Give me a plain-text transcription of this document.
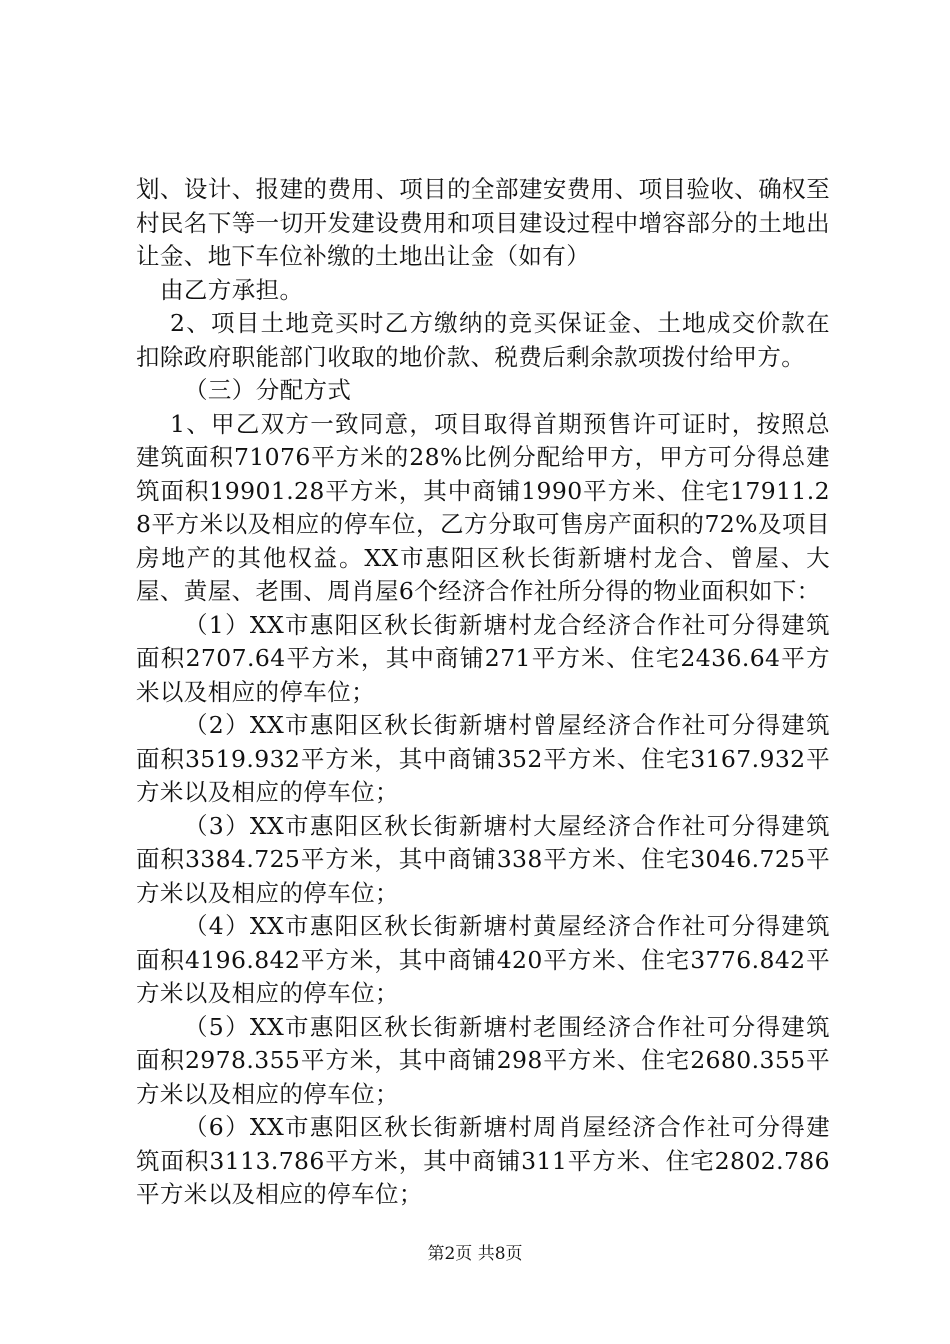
划、设计、报建的费用、项目的全部建安费用、项目验收、确权至村民名下等一切开发建设费用和项目建设过程中增容部分的土地出让金、地下车位补缴的土地出让金（如有）

由乙方承担。

2、项目土地竞买时乙方缴纳的竞买保证金、土地成交价款在扣除政府职能部门收取的地价款、税费后剩余款项拨付给甲方。

（三）分配方式

1、甲乙双方一致同意，项目取得首期预售许可证时，按照总建筑面积71076平方米的28%比例分配给甲方，甲方可分得总建筑面积19901.28平方米，其中商铺1990平方米、住宅17911.28平方米以及相应的停车位，乙方分取可售房产面积的72%及项目房地产的其他权益。XX市惠阳区秋长街新塘村龙合、曾屋、大屋、黄屋、老围、周肖屋6个经济合作社所分得的物业面积如下：

（1）XX市惠阳区秋长街新塘村龙合经济合作社可分得建筑面积2707.64平方米，其中商铺271平方米、住宅2436.64平方米以及相应的停车位；

（2）XX市惠阳区秋长街新塘村曾屋经济合作社可分得建筑面积3519.932平方米，其中商铺352平方米、住宅3167.932平方米以及相应的停车位；

（3）XX市惠阳区秋长街新塘村大屋经济合作社可分得建筑面积3384.725平方米，其中商铺338平方米、住宅3046.725平方米以及相应的停车位；

（4）XX市惠阳区秋长街新塘村黄屋经济合作社可分得建筑面积4196.842平方米，其中商铺420平方米、住宅3776.842平方米以及相应的停车位；

（5）XX市惠阳区秋长街新塘村老围经济合作社可分得建筑面积2978.355平方米，其中商铺298平方米、住宅2680.355平方米以及相应的停车位；

（6）XX市惠阳区秋长街新塘村周肖屋经济合作社可分得建筑面积3113.786平方米，其中商铺311平方米、住宅2802.786平方米以及相应的停车位；

第2页 共8页
